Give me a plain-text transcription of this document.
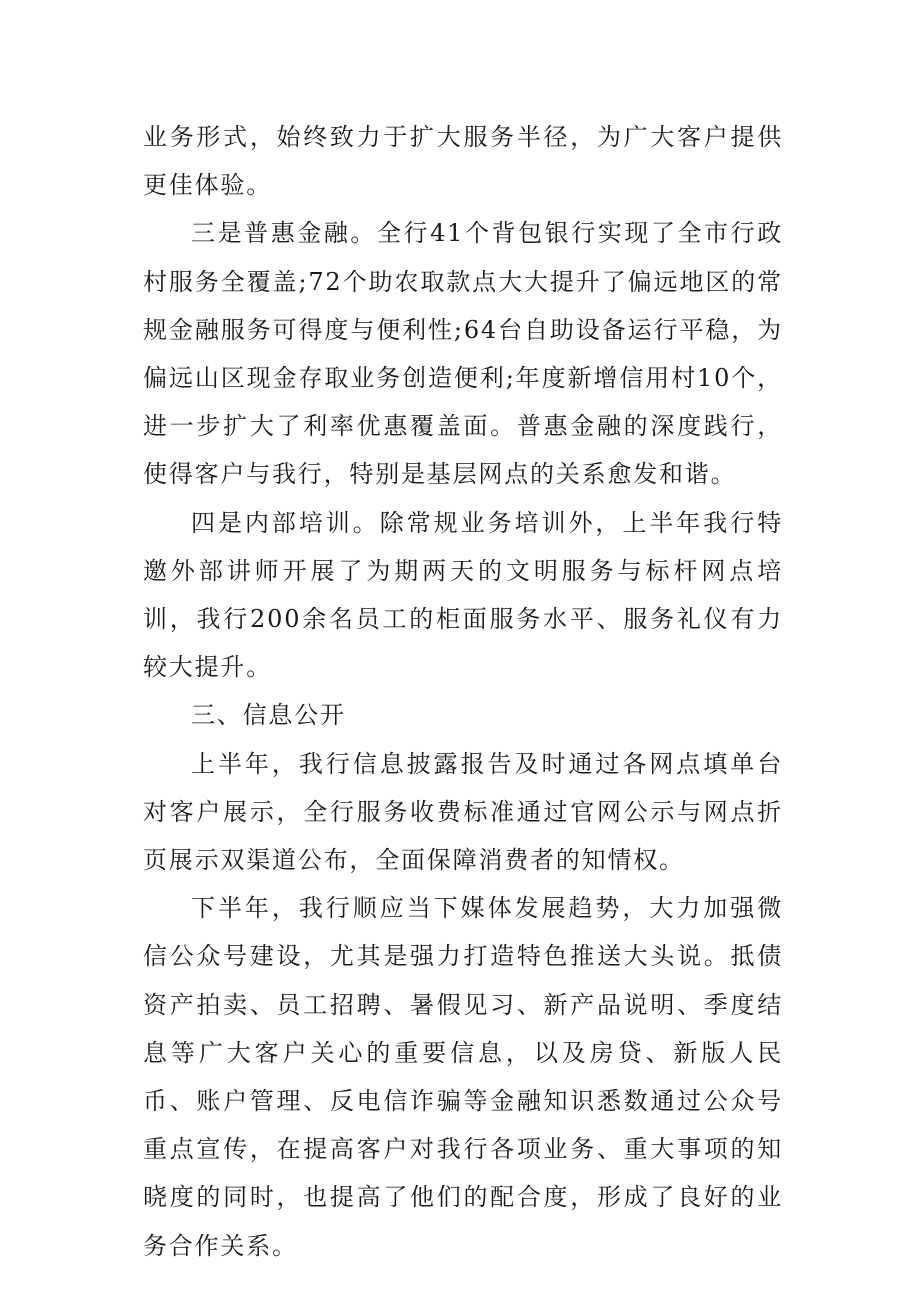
业务形式，始终致力于扩大服务半径，为广大客户提供更佳体验。

三是普惠金融。全行41个背包银行实现了全市行政村服务全覆盖;72个助农取款点大大提升了偏远地区的常规金融服务可得度与便利性;64台自助设备运行平稳，为偏远山区现金存取业务创造便利;年度新增信用村10个，进一步扩大了利率优惠覆盖面。普惠金融的深度践行，使得客户与我行，特别是基层网点的关系愈发和谐。

四是内部培训。除常规业务培训外，上半年我行特邀外部讲师开展了为期两天的文明服务与标杆网点培训，我行200余名员工的柜面服务水平、服务礼仪有力较大提升。

三、信息公开

上半年，我行信息披露报告及时通过各网点填单台对客户展示，全行服务收费标准通过官网公示与网点折页展示双渠道公布，全面保障消费者的知情权。

下半年，我行顺应当下媒体发展趋势，大力加强微信公众号建设，尤其是强力打造特色推送大头说。抵债资产拍卖、员工招聘、暑假见习、新产品说明、季度结息等广大客户关心的重要信息，以及房贷、新版人民币、账户管理、反电信诈骗等金融知识悉数通过公众号重点宣传，在提高客户对我行各项业务、重大事项的知晓度的同时，也提高了他们的配合度，形成了良好的业务合作关系。
